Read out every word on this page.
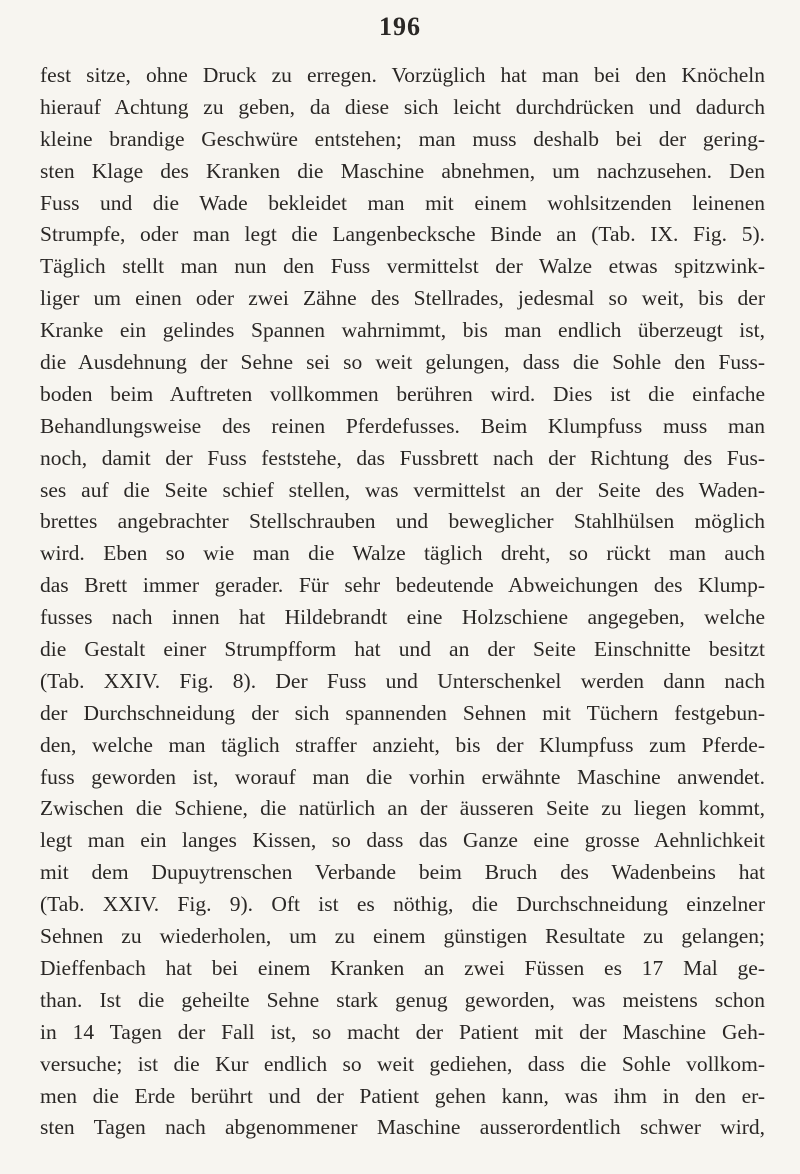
196
fest sitze, ohne Druck zu erregen. Vorzüglich hat man bei den Knöcheln
hierauf Achtung zu geben, da diese sich leicht durchdrücken und dadurch
kleine brandige Geschwüre entstehen; man muss deshalb bei der gering-
sten Klage des Kranken die Maschine abnehmen, um nachzusehen. Den
Fuss und die Wade bekleidet man mit einem wohlsitzenden leinenen
Strumpfe, oder man legt die Langenbecksche Binde an (Tab. IX. Fig. 5).
Täglich stellt man nun den Fuss vermittelst der Walze etwas spitzwink-
liger um einen oder zwei Zähne des Stellrades, jedesmal so weit, bis der
Kranke ein gelindes Spannen wahrnimmt, bis man endlich überzeugt ist,
die Ausdehnung der Sehne sei so weit gelungen, dass die Sohle den Fuss-
boden beim Auftreten vollkommen berühren wird. Dies ist die einfache
Behandlungsweise des reinen Pferdefusses. Beim Klumpfuss muss man
noch, damit der Fuss feststehe, das Fussbrett nach der Richtung des Fus-
ses auf die Seite schief stellen, was vermittelst an der Seite des Waden-
brettes angebrachter Stellschrauben und beweglicher Stahlhülsen möglich
wird. Eben so wie man die Walze täglich dreht, so rückt man auch
das Brett immer gerader. Für sehr bedeutende Abweichungen des Klump-
fusses nach innen hat Hildebrandt eine Holzschiene angegeben, welche
die Gestalt einer Strumpfform hat und an der Seite Einschnitte besitzt
(Tab. XXIV. Fig. 8). Der Fuss und Unterschenkel werden dann nach
der Durchschneidung der sich spannenden Sehnen mit Tüchern festgebun-
den, welche man täglich straffer anzieht, bis der Klumpfuss zum Pferde-
fuss geworden ist, worauf man die vorhin erwähnte Maschine anwendet.
Zwischen die Schiene, die natürlich an der äusseren Seite zu liegen kommt,
legt man ein langes Kissen, so dass das Ganze eine grosse Aehnlichkeit
mit dem Dupuytrenschen Verbande beim Bruch des Wadenbeins hat
(Tab. XXIV. Fig. 9). Oft ist es nöthig, die Durchschneidung einzelner
Sehnen zu wiederholen, um zu einem günstigen Resultate zu gelangen;
Dieffenbach hat bei einem Kranken an zwei Füssen es 17 Mal ge-
than. Ist die geheilte Sehne stark genug geworden, was meistens schon
in 14 Tagen der Fall ist, so macht der Patient mit der Maschine Geh-
versuche; ist die Kur endlich so weit gediehen, dass die Sohle vollkom-
men die Erde berührt und der Patient gehen kann, was ihm in den er-
sten Tagen nach abgenommener Maschine ausserordentlich schwer wird,
